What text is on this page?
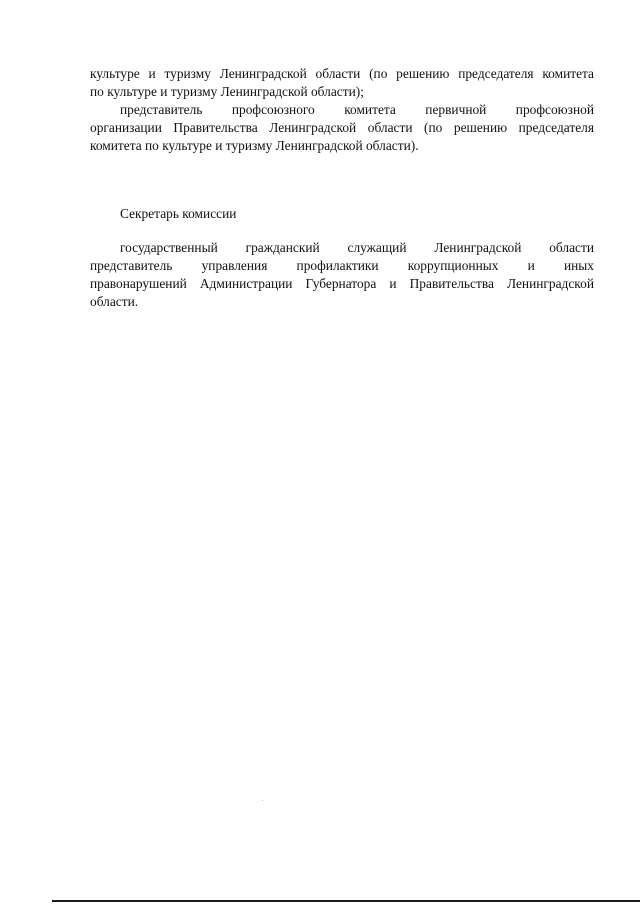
культуре и туризму Ленинградской области (по решению председателя комитета
по культуре и туризму Ленинградской области);
представитель профсоюзного комитета первичной профсоюзной
организации Правительства Ленинградской области (по решению председателя
комитета по культуре и туризму Ленинградской области).
Секретарь комиссии
государственный гражданский служащий Ленинградской области
представитель управления профилактики коррупционных и иных
правонарушений Администрации Губернатора и Правительства Ленинградской
области.
